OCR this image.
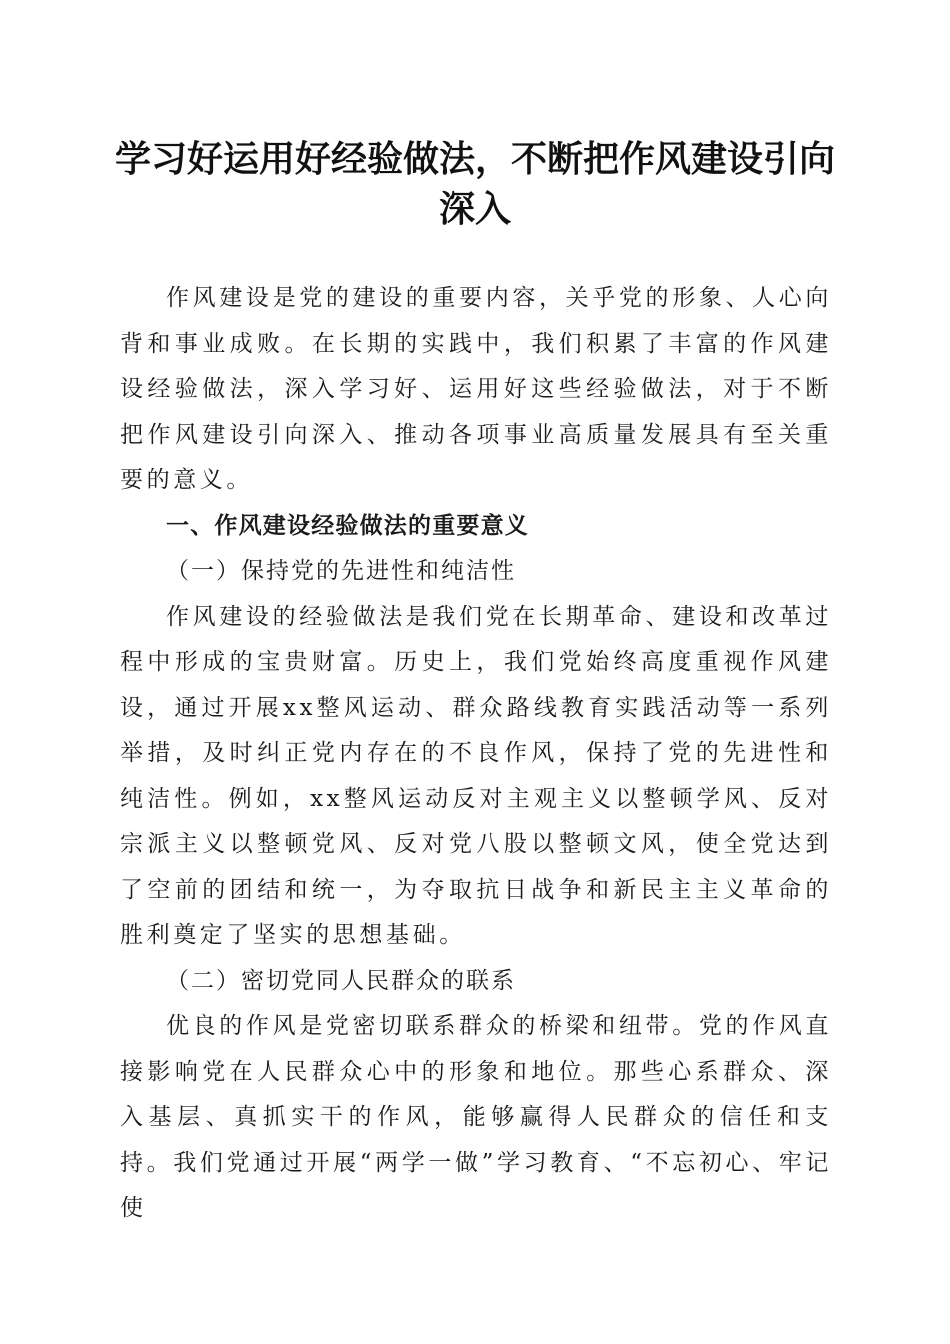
学习好运用好经验做法，不断把作风建设引向深入

作风建设是党的建设的重要内容，关乎党的形象、人心向背和事业成败。在长期的实践中，我们积累了丰富的作风建设经验做法，深入学习好、运用好这些经验做法，对于不断把作风建设引向深入、推动各项事业高质量发展具有至关重要的意义。

一、作风建设经验做法的重要意义

（一）保持党的先进性和纯洁性

作风建设的经验做法是我们党在长期革命、建设和改革过程中形成的宝贵财富。历史上，我们党始终高度重视作风建设，通过开展xx整风运动、群众路线教育实践活动等一系列举措，及时纠正党内存在的不良作风，保持了党的先进性和纯洁性。例如，xx整风运动反对主观主义以整顿学风、反对宗派主义以整顿党风、反对党八股以整顿文风，使全党达到了空前的团结和统一，为夺取抗日战争和新民主主义革命的胜利奠定了坚实的思想基础。

（二）密切党同人民群众的联系

优良的作风是党密切联系群众的桥梁和纽带。党的作风直接影响党在人民群众心中的形象和地位。那些心系群众、深入基层、真抓实干的作风，能够赢得人民群众的信任和支持。我们党通过开展“两学一做”学习教育、“不忘初心、牢记使
